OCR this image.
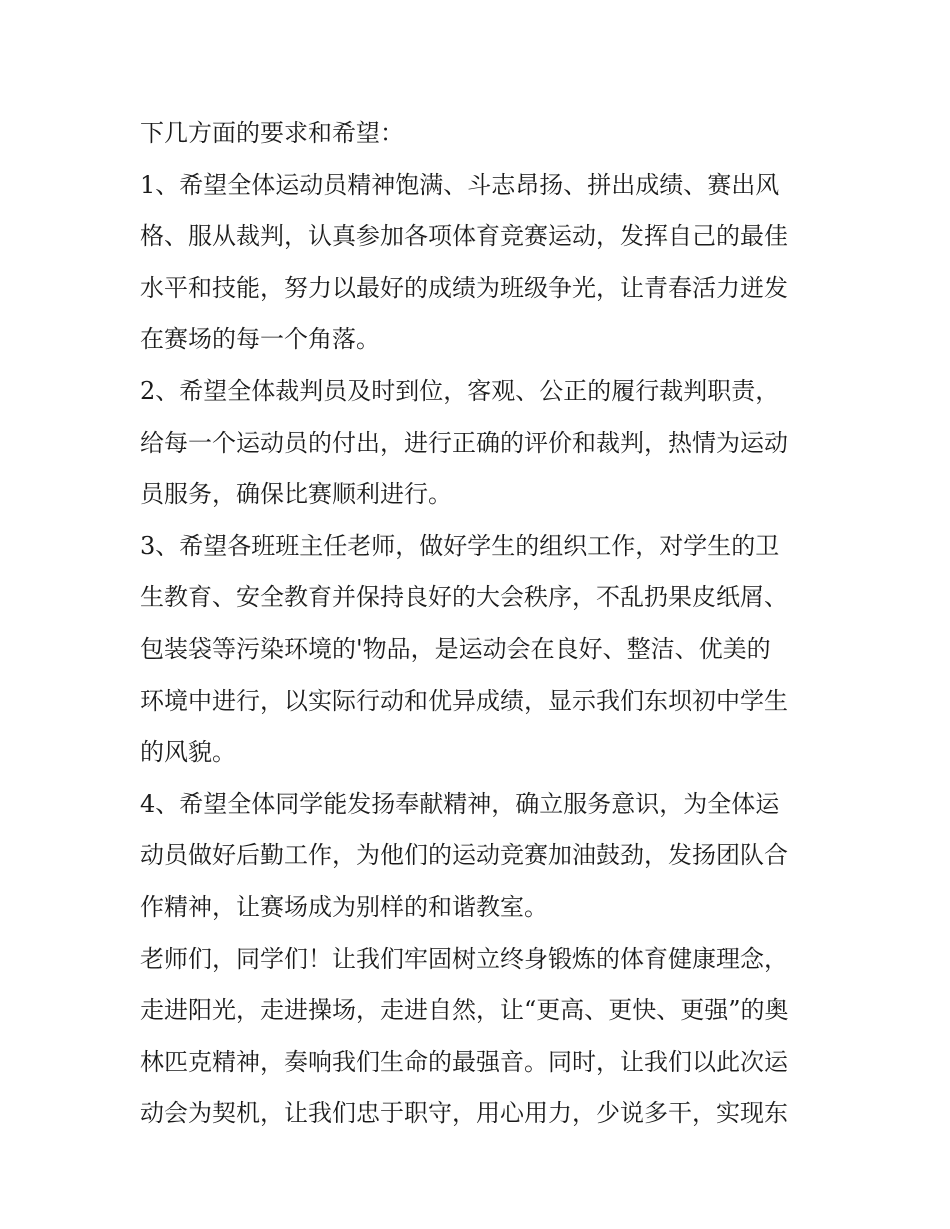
下几方面的要求和希望：
1、希望全体运动员精神饱满、斗志昂扬、拼出成绩、赛出风
格、服从裁判，认真参加各项体育竞赛运动，发挥自己的最佳
水平和技能，努力以最好的成绩为班级争光，让青春活力迸发
在赛场的每一个角落。
2、希望全体裁判员及时到位，客观、公正的履行裁判职责，
给每一个运动员的付出，进行正确的评价和裁判，热情为运动
员服务，确保比赛顺利进行。
3、希望各班班主任老师，做好学生的组织工作，对学生的卫
生教育、安全教育并保持良好的大会秩序，不乱扔果皮纸屑、
包装袋等污染环境的'物品，是运动会在良好、整洁、优美的
环境中进行，以实际行动和优异成绩，显示我们东坝初中学生
的风貌。
4、希望全体同学能发扬奉献精神，确立服务意识，为全体运
动员做好后勤工作，为他们的运动竞赛加油鼓劲，发扬团队合
作精神，让赛场成为别样的和谐教室。
老师们，同学们！让我们牢固树立终身锻炼的体育健康理念，
走进阳光，走进操场，走进自然，让“更高、更快、更强”的奥
林匹克精神，奏响我们生命的最强音。同时，让我们以此次运
动会为契机，让我们忠于职守，用心用力，少说多干，实现东
